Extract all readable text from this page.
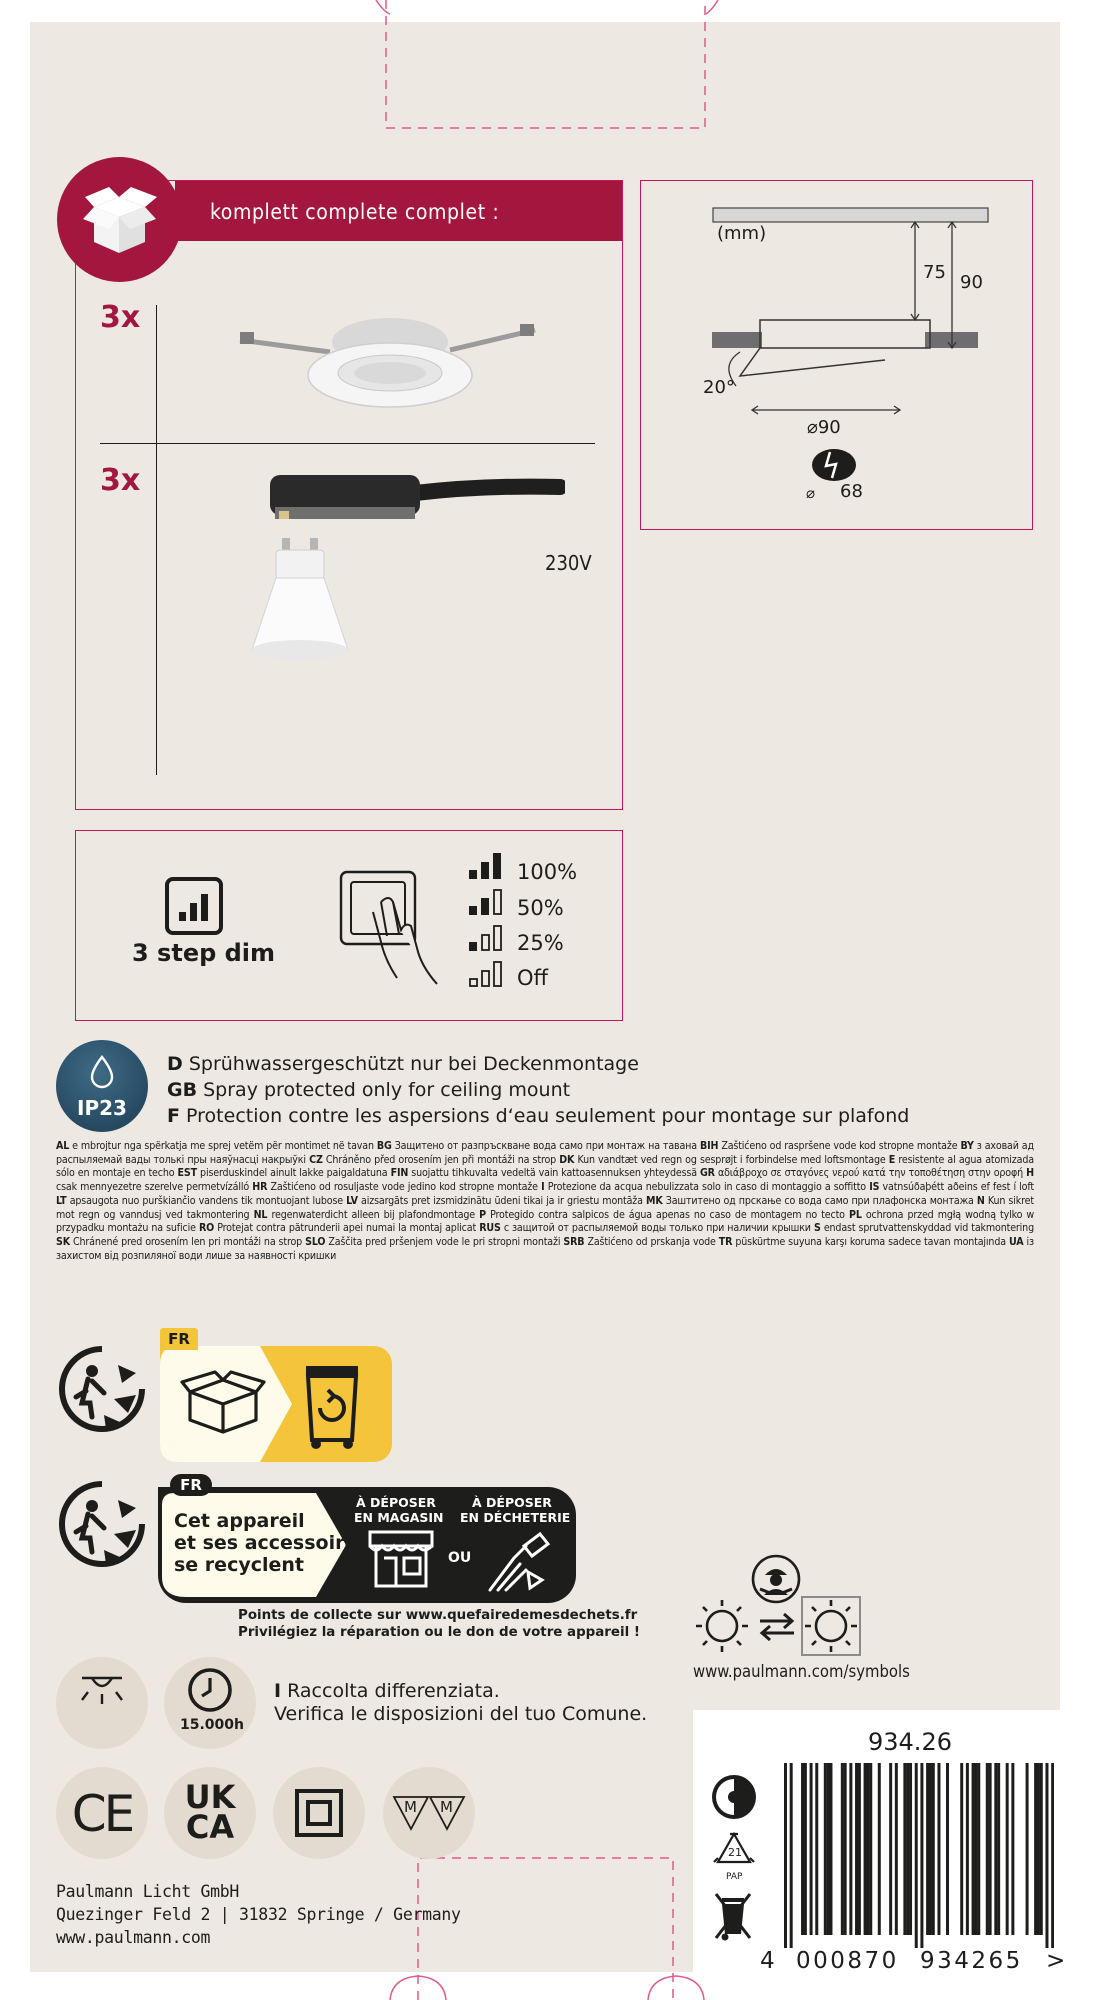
komplett complete complet :
3x
3x
230V
(mm)
75 90
20°
⌀90
⌀ 68
3 step dim
100%
50%
25%
Off
IP23
D Sprühwassergeschützt nur bei Deckenmontage
GB Spray protected only for ceiling mount
F Protection contre les aspersions d‘eau seulement pour montage sur plafond
AL e mbrojtur nga spërkatja me sprej vetëm për montimet në tavan BG Защитено от разпръскване вода само при монтаж на тавана BIH Zaštićeno od raspršene vode kod stropne montaže BY з аховай ад распыляемай вады толькі пры наяўнасці накрыўкі CZ Chráněno před orosením jen při montáži na strop DK Kun vandtæt ved regn og sesprøjt i forbindelse med loftsmontage E resistente al agua atomizada sólo en montaje en techo EST piserduskindel ainult lakke paigaldatuna FIN suojattu tihkuvalta vedeltä vain kattoasennuksen yhteydessä GR αδιάβροχο σε σταγόνες νερού κατά την τοποθέτηση στην οροφή H csak mennyezetre szerelve permetvízálló HR Zaštićeno od rosuljaste vode jedino kod stropne montaže I Protezione da acqua nebulizzata solo in caso di montaggio a soffitto IS vatnsúðaþétt aðeins ef fest í loft LT apsaugota nuo purškiančio vandens tik montuojant lubose LV aizsargāts pret izsmidzinātu ūdeni tikai ja ir griestu montāža MK Заштитено од прскање со вода само при плафонска монтажа N Kun sikret mot regn og vanndusj ved takmontering NL regenwaterdicht alleen bij plafondmontage P Protegido contra salpicos de água apenas no caso de montagem no tecto PL ochrona przed mgłą wodną tylko w przypadku montażu na suficie RO Protejat contra pătrunderii apei numai la montaj aplicat RUS с защитой от распыляемой воды только при наличии крышки S endast sprutvattenskyddad vid takmontering SK Chránené pred orosením len pri montáži na strop SLO Zaščita pred pršenjem vode le pri stropni montaži SRB Zaštićeno od prskanja vode TR püskürtme suyuna karşı koruma sadece tavan montajında UA із захистом від розпиляної води лише за наявності кришки
FR
FR
Cet appareil
et ses accessoires
se recyclent
À DÉPOSER
EN MAGASIN
À DÉPOSER
EN DÉCHETERIE
OU
Points de collecte sur www.quefairedemesdechets.fr
Privilégiez la réparation ou le don de votre appareil !
www.paulmann.com/symbols
15.000h
I Raccolta differenziata.
Verifica le disposizioni del tuo Comune.
CE	UK
CA
M M
Paulmann Licht GmbH
Quezinger Feld 2 | 31832 Springe / Germany
www.paulmann.com
934.26
21
PAP
4 000870 934265 >
